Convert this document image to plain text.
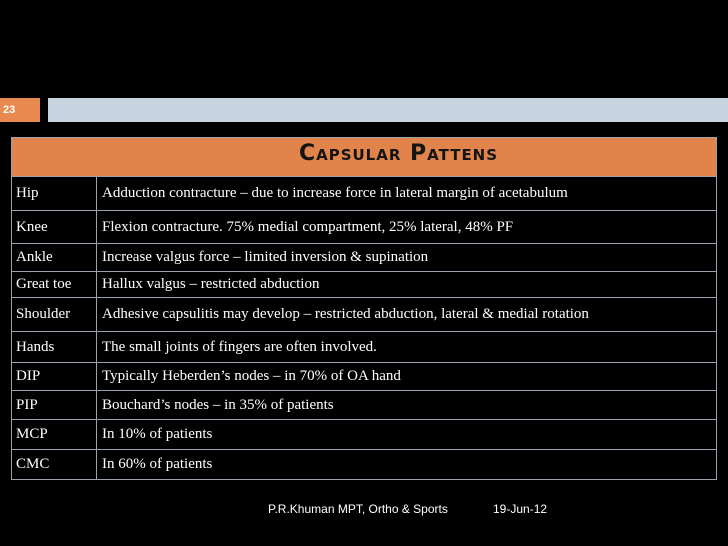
23
Capsular Pattens	
Hip	Adduction contracture – due to increase force in lateral margin of acetabulum
Knee	Flexion contracture. 75% medial compartment, 25% lateral, 48% PF
Ankle	Increase valgus force – limited inversion & supination
Great toe	Hallux valgus – restricted abduction
Shoulder	Adhesive capsulitis may develop – restricted abduction, lateral & medial rotation
Hands	The small joints of fingers are often involved.
DIP	Typically Heberden’s nodes – in 70% of OA hand
PIP	Bouchard’s nodes – in 35% of patients
MCP	In 10% of patients
CMC	In 60% of patients
P.R.Khuman MPT, Ortho & Sports	19-Jun-12
